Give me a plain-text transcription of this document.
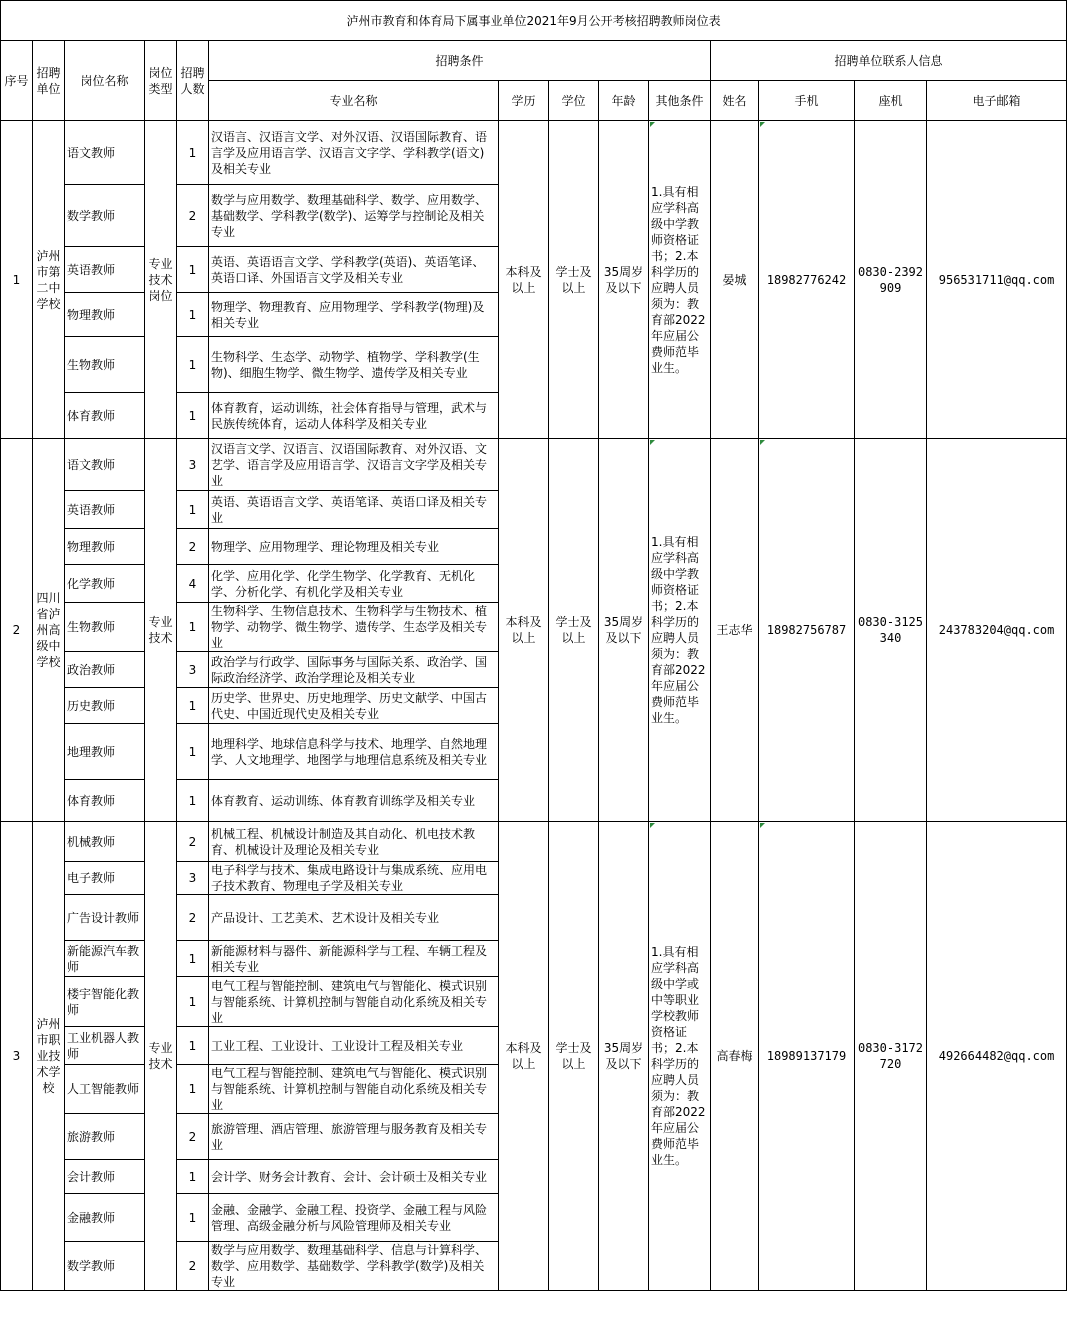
泸州市教育和体育局下属事业单位2021年9月公开考核招聘教师岗位表													

序号	招聘单位	岗位名称	岗位类型	招聘人数	招聘条件					招聘单位联系人信息			

					专业名称	学历	学位	年龄	其他条件	姓名	手机	座机	电子邮箱

1	泸州市第二中学校	语文教师	专业技术岗位	1	汉语言、汉语言文学、对外汉语、汉语国际教育、语言学及应用语言学、汉语言文字学、学科教学(语文)及相关专业	本科及以上	学士及以上	35周岁及以下	1.具有相应学科高级中学教师资格证书；2.本科学历的应聘人员须为：教育部2022年应届公费师范毕业生。	晏城	18982776242	0830-2392909	956531711@qq.com

		数学教师		2	数学与应用数学、数理基础科学、数学、应用数学、基础数学、学科教学(数学)、运筹学与控制论及相关专业								

		英语教师		1	英语、英语语言文学、学科教学(英语)、英语笔译、英语口译、外国语言文学及相关专业								

		物理教师		1	物理学、物理教育、应用物理学、学科教学(物理)及相关专业								

		生物教师		1	生物科学、生态学、动物学、植物学、学科教学(生物)、细胞生物学、微生物学、遗传学及相关专业								

		体育教师		1	体育教育，运动训练，社会体育指导与管理，武术与民族传统体育，运动人体科学及相关专业								

2	四川省泸州高级中学校	语文教师	专业技术	3	汉语言文学、汉语言、汉语国际教育、对外汉语、文艺学、语言学及应用语言学、汉语言文字学及相关专业	本科及以上	学士及以上	35周岁及以下	1.具有相应学科高级中学教师资格证书；2.本科学历的应聘人员须为：教育部2022年应届公费师范毕业生。	王志华	18982756787	0830-3125340	243783204@qq.com

		英语教师		1	英语、英语语言文学、英语笔译、英语口译及相关专业								

		物理教师		2	物理学、应用物理学、理论物理及相关专业								

		化学教师		4	化学、应用化学、化学生物学、化学教育、无机化学、分析化学、有机化学及相关专业								

		生物教师		1	生物科学、生物信息技术、生物科学与生物技术、植物学、动物学、微生物学、遗传学、生态学及相关专业								

		政治教师		3	政治学与行政学、国际事务与国际关系、政治学、国际政治经济学、政治学理论及相关专业								

		历史教师		1	历史学、世界史、历史地理学、历史文献学、中国古代史、中国近现代史及相关专业								

		地理教师		1	地理科学、地球信息科学与技术、地理学、自然地理学、人文地理学、地图学与地理信息系统及相关专业								

		体育教师		1	体育教育、运动训练、体育教育训练学及相关专业								

3	泸州市职业技术学校	机械教师	专业技术	2	机械工程、机械设计制造及其自动化、机电技术教育、机械设计及理论及相关专业	本科及以上	学士及以上	35周岁及以下	1.具有相应学科高级中学或中等职业学校教师资格证书；2.本科学历的应聘人员须为：教育部2022年应届公费师范毕业生。	高春梅	18989137179	0830-3172720	492664482@qq.com

		电子教师		3	电子科学与技术、集成电路设计与集成系统、应用电子技术教育、物理电子学及相关专业								

		广告设计教师		2	产品设计、工艺美术、艺术设计及相关专业								

		新能源汽车教师		1	新能源材料与器件、新能源科学与工程、车辆工程及相关专业								

		楼宇智能化教师		1	电气工程与智能控制、建筑电气与智能化、模式识别与智能系统、计算机控制与智能自动化系统及相关专业								

		工业机器人教师		1	工业工程、工业设计、工业设计工程及相关专业								

		人工智能教师		1	电气工程与智能控制、建筑电气与智能化、模式识别与智能系统、计算机控制与智能自动化系统及相关专业								

		旅游教师		2	旅游管理、酒店管理、旅游管理与服务教育及相关专业								

		会计教师		1	会计学、财务会计教育、会计、会计硕士及相关专业								

		金融教师		1	金融、金融学、金融工程、投资学、金融工程与风险管理、高级金融分析与风险管理师及相关专业								

		数学教师		2	数学与应用数学、数理基础科学、信息与计算科学、数学、应用数学、基础数学、学科教学(数学)及相关专业								
